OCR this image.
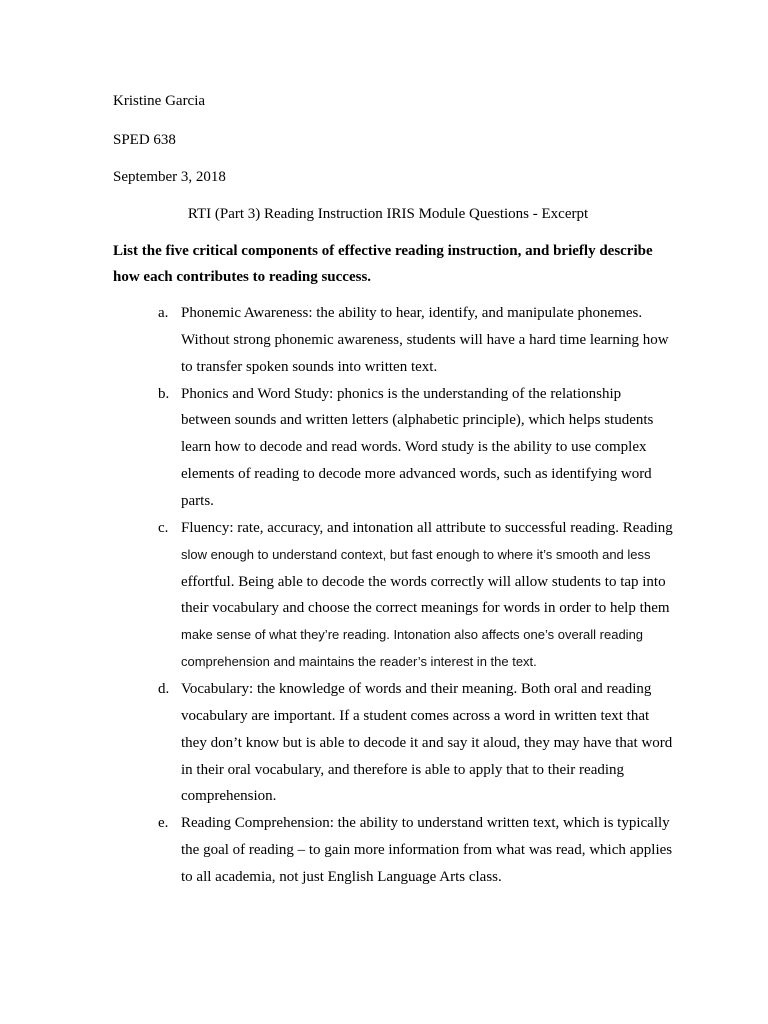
Kristine Garcia
SPED 638
September 3, 2018
RTI (Part 3) Reading Instruction IRIS Module Questions - Excerpt
List the five critical components of effective reading instruction, and briefly describe
how each contributes to reading success.
a. Phonemic Awareness: the ability to hear, identify, and manipulate phonemes.
Without strong phonemic awareness, students will have a hard time learning how
to transfer spoken sounds into written text.
b. Phonics and Word Study: phonics is the understanding of the relationship
between sounds and written letters (alphabetic principle), which helps students
learn how to decode and read words. Word study is the ability to use complex
elements of reading to decode more advanced words, such as identifying word
parts.
c. Fluency: rate, accuracy, and intonation all attribute to successful reading. Reading
slow enough to understand context, but fast enough to where it’s smooth and less
effortful. Being able to decode the words correctly will allow students to tap into
their vocabulary and choose the correct meanings for words in order to help them
make sense of what they’re reading. Intonation also affects one’s overall reading
comprehension and maintains the reader’s interest in the text.
d. Vocabulary: the knowledge of words and their meaning. Both oral and reading
vocabulary are important. If a student comes across a word in written text that
they don’t know but is able to decode it and say it aloud, they may have that word
in their oral vocabulary, and therefore is able to apply that to their reading
comprehension.
e. Reading Comprehension: the ability to understand written text, which is typically
the goal of reading – to gain more information from what was read, which applies
to all academia, not just English Language Arts class.
